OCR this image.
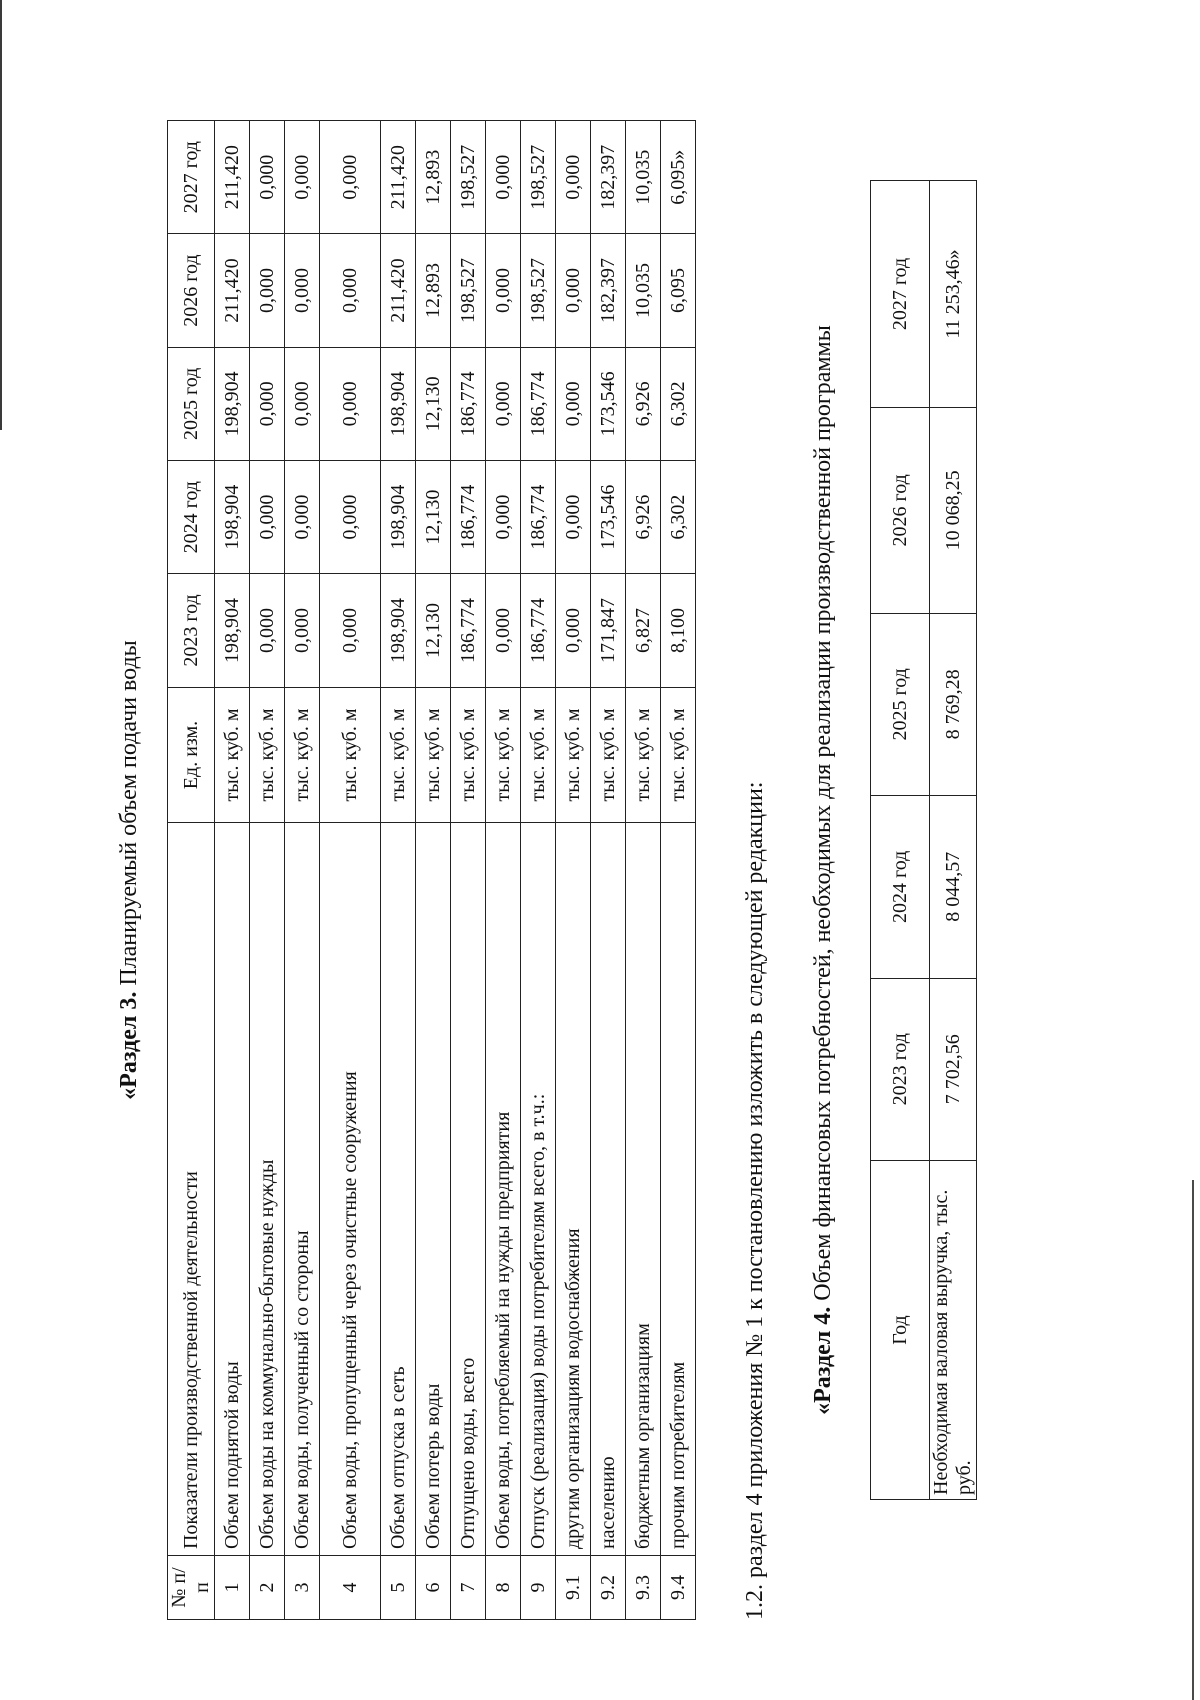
«Раздел 3. Планируемый объем подачи воды
№ п/п	Показатели производственной деятельности	Ед. изм.	2023 год	2024 год	2025 год	2026 год	2027 год
1	Объем поднятой воды	тыс. куб. м	198,904	198,904	198,904	211,420	211,420
2	Объем воды на коммунально-бытовые нужды	тыс. куб. м	0,000	0,000	0,000	0,000	0,000
3	Объем воды, полученный со стороны	тыс. куб. м	0,000	0,000	0,000	0,000	0,000
4	Объем воды, пропущенный через очистные сооружения	тыс. куб. м	0,000	0,000	0,000	0,000	0,000
5	Объем отпуска в сеть	тыс. куб. м	198,904	198,904	198,904	211,420	211,420
6	Объем потерь воды	тыс. куб. м	12,130	12,130	12,130	12,893	12,893
7	Отпущено воды, всего	тыс. куб. м	186,774	186,774	186,774	198,527	198,527
8	Объем воды, потребляемый на нужды предприятия	тыс. куб. м	0,000	0,000	0,000	0,000	0,000
9	Отпуск (реализация) воды потребителям всего, в т.ч.:	тыс. куб. м	186,774	186,774	186,774	198,527	198,527
9.1	другим организациям водоснабжения	тыс. куб. м	0,000	0,000	0,000	0,000	0,000
9.2	населению	тыс. куб. м	171,847	173,546	173,546	182,397	182,397
9.3	бюджетным организациям	тыс. куб. м	6,827	6,926	6,926	10,035	10,035
9.4	прочим потребителям	тыс. куб. м	8,100	6,302	6,302	6,095	6,095»
1.2. раздел 4 приложения № 1 к постановлению изложить в следующей редакции: «Раздел 4. Объем финансовых потребностей, необходимых для реализации производственной программы
Год	2023 год	2024 год	2025 год	2026 год	2027 год
Необходимая валовая выручка, тыс. руб.	7 702,56	8 044,57	8 769,28	10 068,25	11 253,46»
